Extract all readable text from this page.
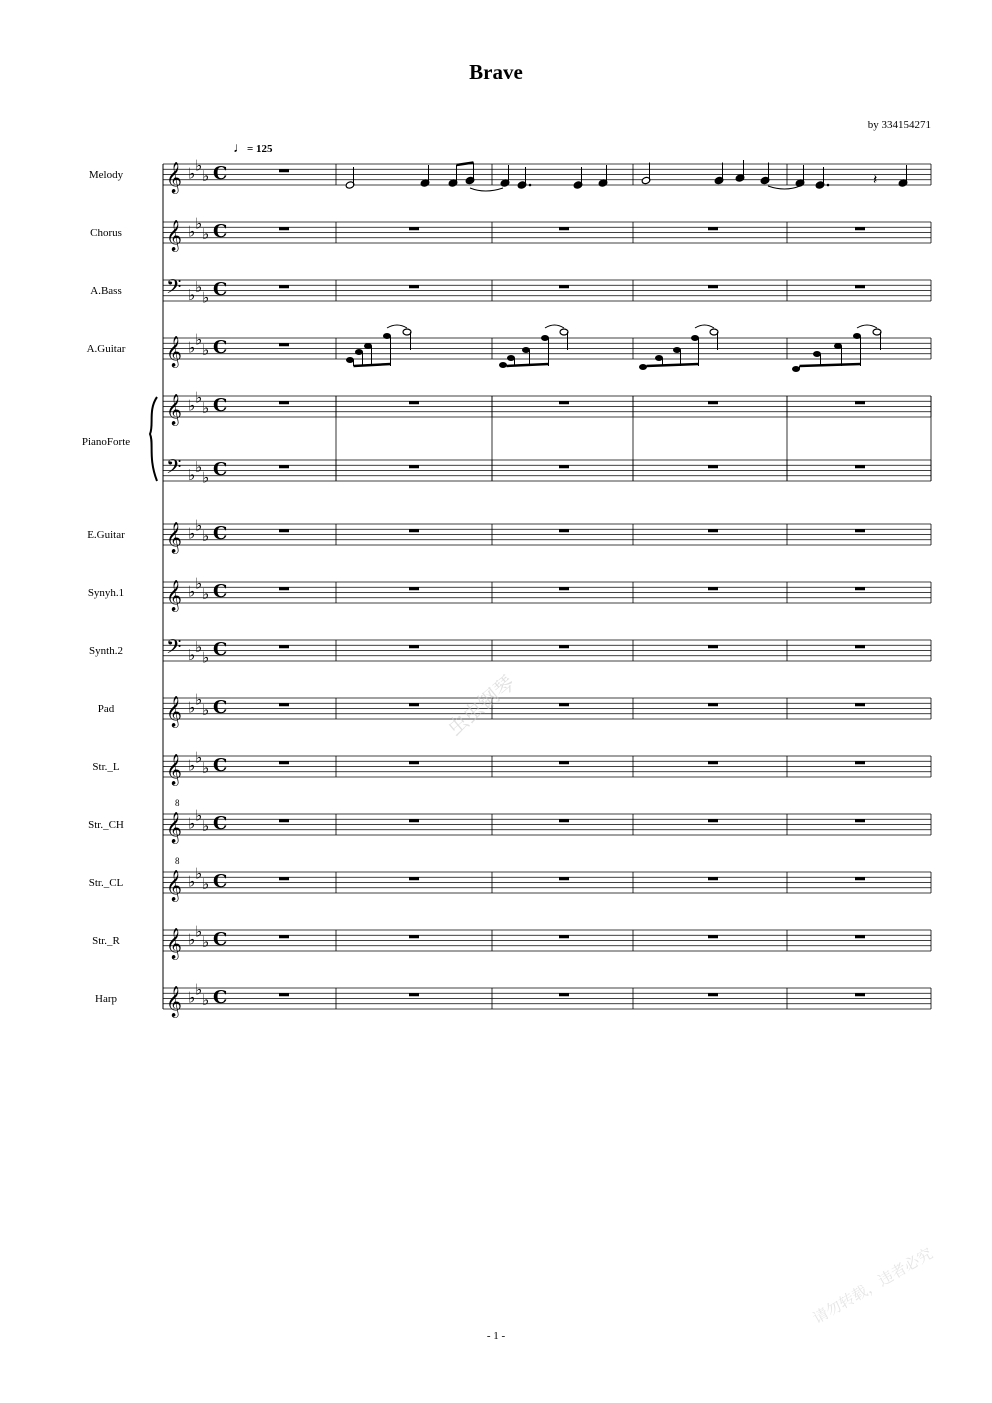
Brave
by 334154271
♩= 125
Melody
Chorus
A.Bass
A.Guitar
PianoForte
E.Guitar
Synyh.1
Synth.2
Pad
Str._L
Str._CH
Str._CL
Str._R
Harp
𝄞 ♭ ♭
♭ C
𝄞 ♭ ♭
♭ C
𝄢 ♭ ♭
♭ C
𝄞 ♭ ♭
♭ C
𝄞 ♭ ♭
♭ C
𝄢 ♭ ♭
♭ C
𝄞 ♭ ♭
♭ C
𝄞 ♭ ♭
♭ C
𝄢 ♭ ♭
♭ C
𝄞 ♭ ♭
♭ C
𝄞 ♭ ♭
♭ C
𝄞
8
♭ ♭
♭ C
𝄞
8
♭ ♭
♭ C
𝄞 ♭ ♭
♭ C
𝄞 ♭ ♭
♭ C
𝄽
虫虫钢琴
请勿转载，违者必究
- 1 -
